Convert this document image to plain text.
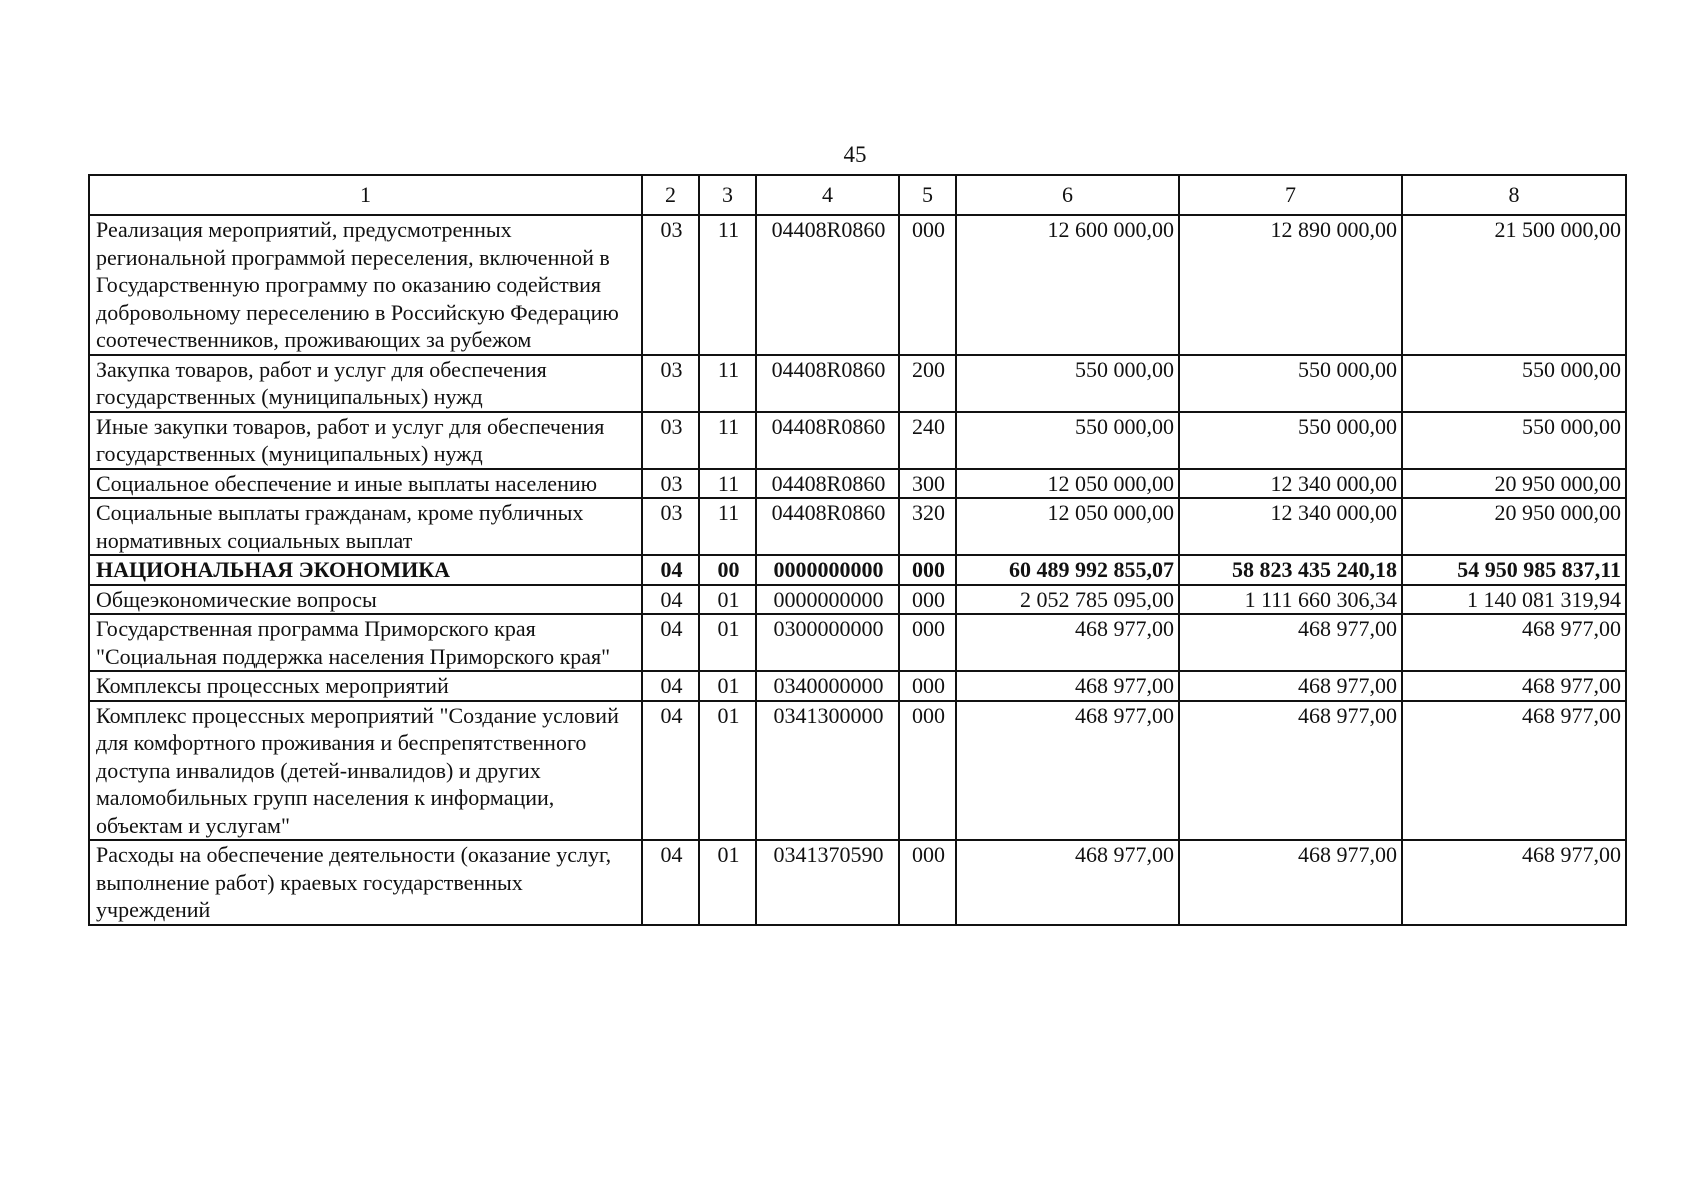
45
1	2	3	4	5	6	7	8
Реализация мероприятий, предусмотренных региональной программой переселения, включенной в Государственную программу по оказанию содействия добровольному переселению в Российскую Федерацию соотечественников, проживающих за рубежом	03	11	04408R0860	000	12 600 000,00	12 890 000,00	21 500 000,00
Закупка товаров, работ и услуг для обеспечения государственных (муниципальных) нужд	03	11	04408R0860	200	550 000,00	550 000,00	550 000,00
Иные закупки товаров, работ и услуг для обеспечения государственных (муниципальных) нужд	03	11	04408R0860	240	550 000,00	550 000,00	550 000,00
Социальное обеспечение и иные выплаты населению	03	11	04408R0860	300	12 050 000,00	12 340 000,00	20 950 000,00
Социальные выплаты гражданам, кроме публичных нормативных социальных выплат	03	11	04408R0860	320	12 050 000,00	12 340 000,00	20 950 000,00
НАЦИОНАЛЬНАЯ ЭКОНОМИКА	04	00	0000000000	000	60 489 992 855,07	58 823 435 240,18	54 950 985 837,11
Общеэкономические вопросы	04	01	0000000000	000	2 052 785 095,00	1 111 660 306,34	1 140 081 319,94
Государственная программа Приморского края "Социальная поддержка населения Приморского края"	04	01	0300000000	000	468 977,00	468 977,00	468 977,00
Комплексы процессных мероприятий	04	01	0340000000	000	468 977,00	468 977,00	468 977,00
Комплекс процессных мероприятий "Создание условий для комфортного проживания и беспрепятственного доступа инвалидов (детей-инвалидов) и других маломобильных групп населения к информации, объектам и услугам"	04	01	0341300000	000	468 977,00	468 977,00	468 977,00
Расходы на обеспечение деятельности (оказание услуг, выполнение работ) краевых государственных учреждений	04	01	0341370590	000	468 977,00	468 977,00	468 977,00
